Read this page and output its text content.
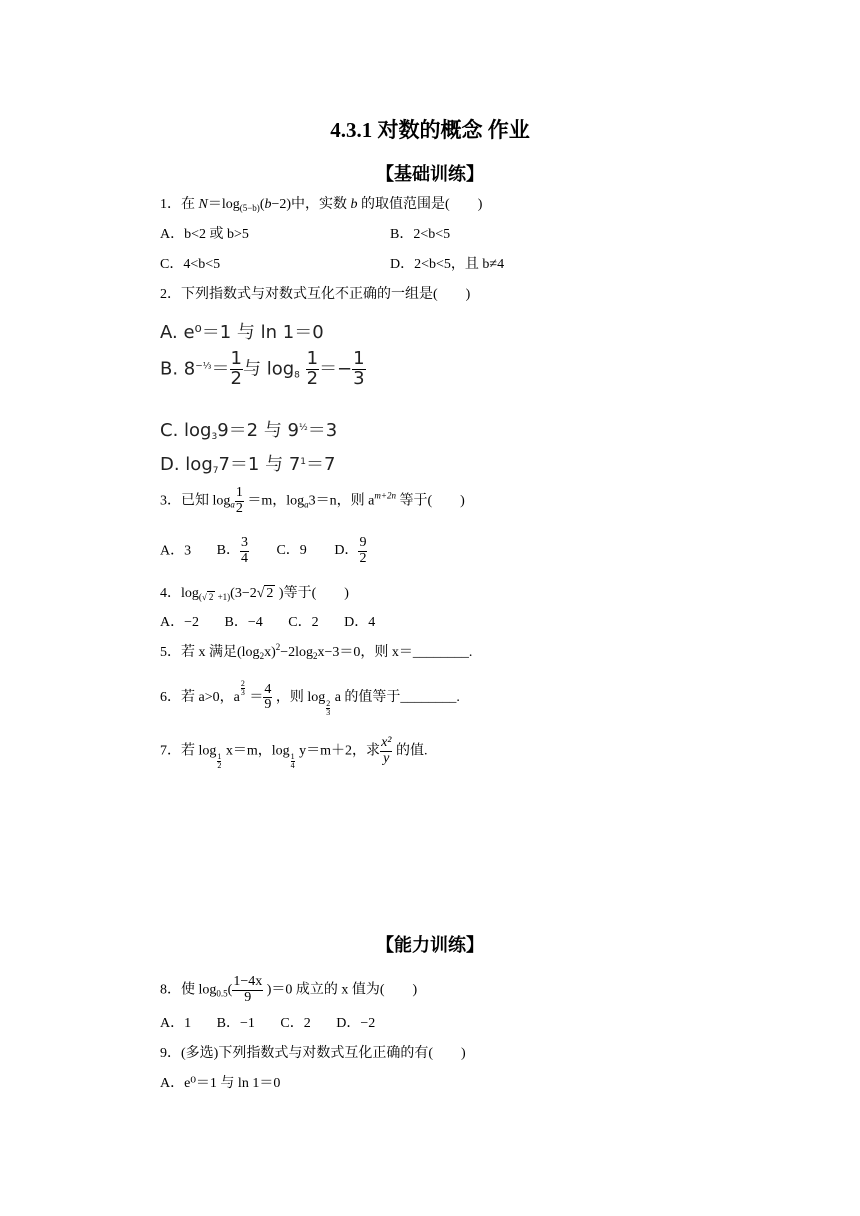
4.3.1 对数的概念 作业
【基础训练】
1．在 $N=\log_{(5-b)}(b-2)$中，实数 b 的取值范围是(　　)
A．b<2 或 b>5	B．2<b<5
C．4<b<5	D．2<b<5，且 b≠4
2．下列指数式与对数式互化不正确的一组是(　　)
A. e⁰＝1 与 ln 1＝0
B. $8^{-\frac{1}{3}}= \frac{1}{2}$ 与 $\log_8 \frac{1}{2} =- \frac{1}{3}$
C. $\log_39=2$ 与 $9^{\frac{1}{2}}=3$
D. $\log_77=1$ 与 $7^1=7$
3．已知 $\log_a \frac{1}{2} =m$，$\log_a3=n$，则 $a^{m+2n}$ 等于(　　)
A．3 B． $\frac{3}{4}$ C．9 D． $\frac{9}{2}$
4．$\log_{(√ 2 +1)}(3-2√$ 2 )等于(　　)
A．−2 B．−4 C．2 D．4
5．若 x 满足$(\log_2x)^2-2\log_2x-3=0$，则 x＝________.
6．若 a>0，a
$\frac{2}{3}$
＝ $\frac{4}{9}$ ，则 log
$\frac{2}{3}$
a 的值等于________.
7．若 log
$\frac{1}{2}$
x＝m，log
$\frac{1}{4}$
y＝m＋2，求 $\frac{\text{x²}}{y}$ 的值.
【能力训练】
8．使 $\log_{0.5}( \frac{1-4x}{9} )=0$ 成立的 x 值为(　　)
A．1 B．−1 C．2 D．−2
9．(多选)下列指数式与对数式互化正确的有(　　)
A．e⁰＝1 与 ln 1＝0
